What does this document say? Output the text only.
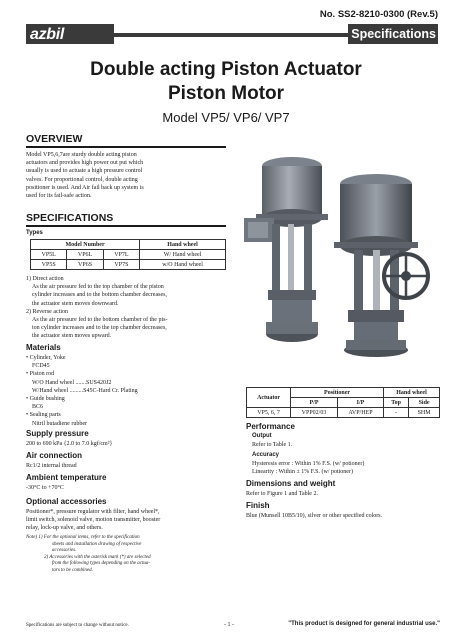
No. SS2-8210-0300 (Rev.5)
azbil	Specifications
Double acting Piston Actuator
Piston Motor
Model VP5/ VP6/ VP7
OVERVIEW
Model VP5,6,7are sturdy double acting piston
actuators and provides high power out put which
usually is used to actuate a high pressure control
valves. For proportional control, double acting
positioner is used. And Air fail back up system is
used for its fail-safe action.
SPECIFICATIONS
Types
Model Number			Hand wheel
VP5L	VP6L	VP7L	W/ Hand wheel
VP5S	VP6S	VP7S	w/O Hand wheel
1) Direct action
As the air pressure fed to the top chamber of the piston
cylinder increases and to the bottom chamber decreases,
the actuator stem moves downward.
2) Reverse action
As the air pressure fed to the bottom chamber of the pis-
ton cylinder increases and to the top chamber decreases,
the actuator stem moves upward.
Materials
• Cylinder, Yoke
FCD45
• Piston rod
W/O Hand wheel .......SUS420J2
W/Hand wheel .........S45C-Hard Cr. Plating
• Guide bushing
BC6
• Sealing parts
Nitril butadiene rubber
Supply pressure
200 to 690 kPa {2.0 to 7.0 kgf/cm²}
Air connection
Rc1/2 internal thread
Ambient temperature
-30°C to +70°C
Optional accessories
Positioner*, pressure regulator with filter, hand wheel*,
limit switch, solenoid valve, motion transmitter, booster
relay, lock-up valve, and others.
Note) 1) For the optional items, refer to the specification
sheets and installation drawing of respective
accessories.
2) Accessories with the asterisk mark (*) are selected
from the following types depending on the actua-
tors to be combined.
Actuator	Positioner		Hand wheel	
	P/P	I/P	Top	Side
VP5, 6, 7	VPP02/03	AVP/HEP	-	SHM
Performance
Output
Refer to Table 1.
Accuracy
Hysteresis error : Within 1% F.S. (w/ potioner)
Linearity : Within ± 1% F.S. (w/ potioner)
Dimensions and weight
Refer to Figure 1 and Table 2.
Finish
Blue (Munsell 10B5/10), silver or other specified colors.
Specifications are subject to change without notice.	- 1 -	"This product is designed for general industrial use."
